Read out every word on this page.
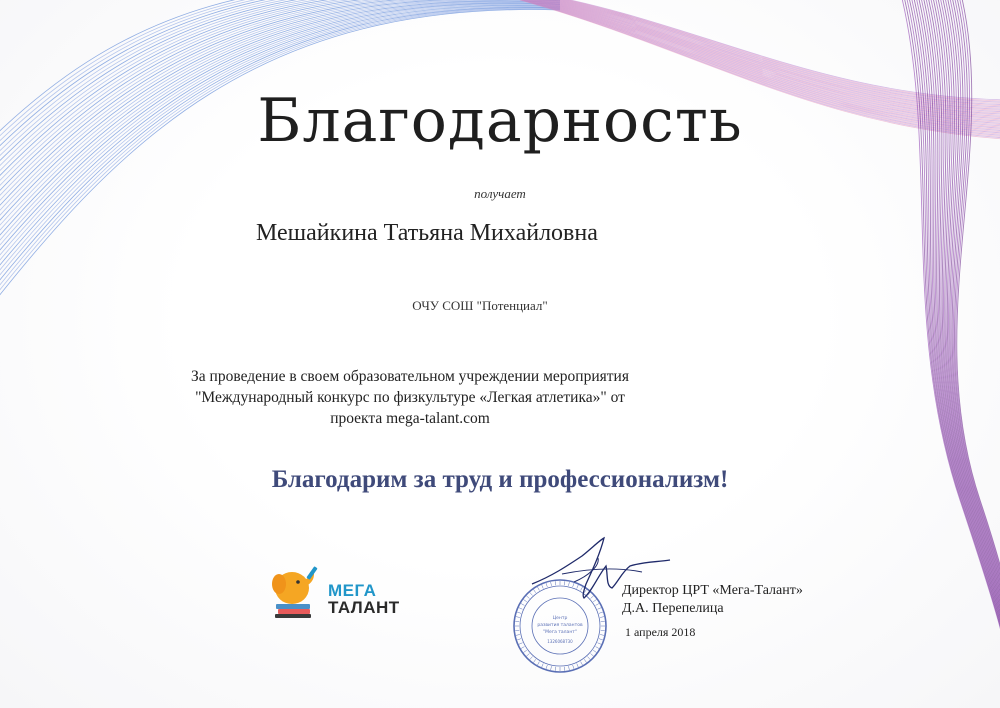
Благодарность
получает
Мешайкина Татьяна Михайловна
ОЧУ СОШ "Потенциал"
За проведение в своем образовательном учреждении мероприятия
"Международный конкурс по физкультуре «Легкая атлетика»" от
проекта mega-talant.com
Благодарим за труд и профессионализм!
МЕГА
ТАЛАНТ
Центр
развития талантов
"Мега талант"
1326068730
Директор ЦРТ «Мега-Талант»
Д.А. Перепелица
1 апреля 2018
